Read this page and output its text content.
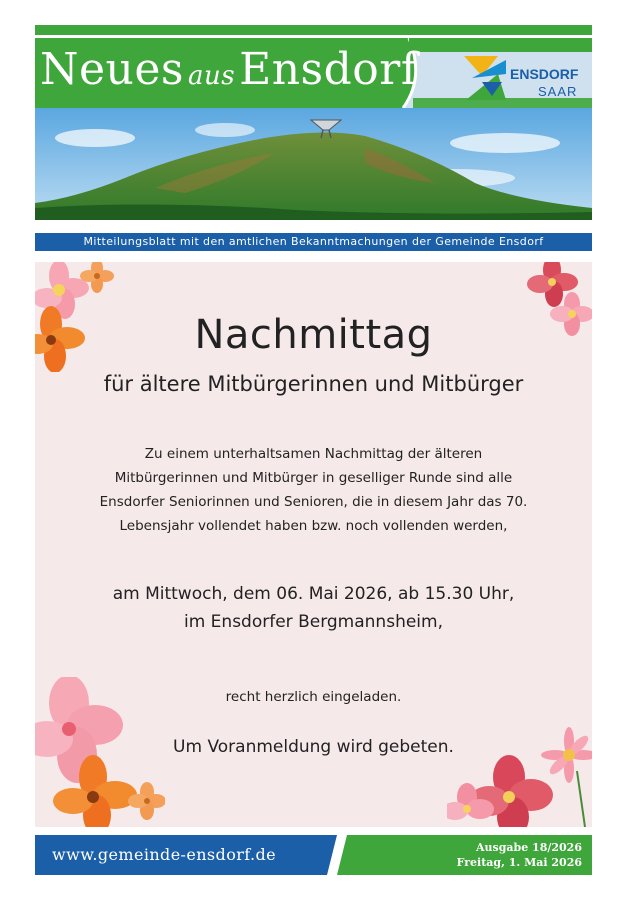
Neues ausEnsdorf	ENSDORF
SAAR
Mitteilungsblatt mit den amtlichen Bekanntmachungen der Gemeinde Ensdorf
Nachmittag
für ältere Mitbürgerinnen und Mitbürger
Zu einem unterhaltsamen Nachmittag der älteren
Mitbürgerinnen und Mitbürger in geselliger Runde sind alle
Ensdorfer Seniorinnen und Senioren, die in diesem Jahr das 70.
Lebensjahr vollendet haben bzw. noch vollenden werden,
am Mittwoch, dem 06. Mai 2026, ab 15.30 Uhr,
im Ensdorfer Bergmannsheim,
recht herzlich eingeladen.
Um Voranmeldung wird gebeten.
www.gemeinde-ensdorf.de	Ausgabe 18/2026
Freitag, 1. Mai 2026
